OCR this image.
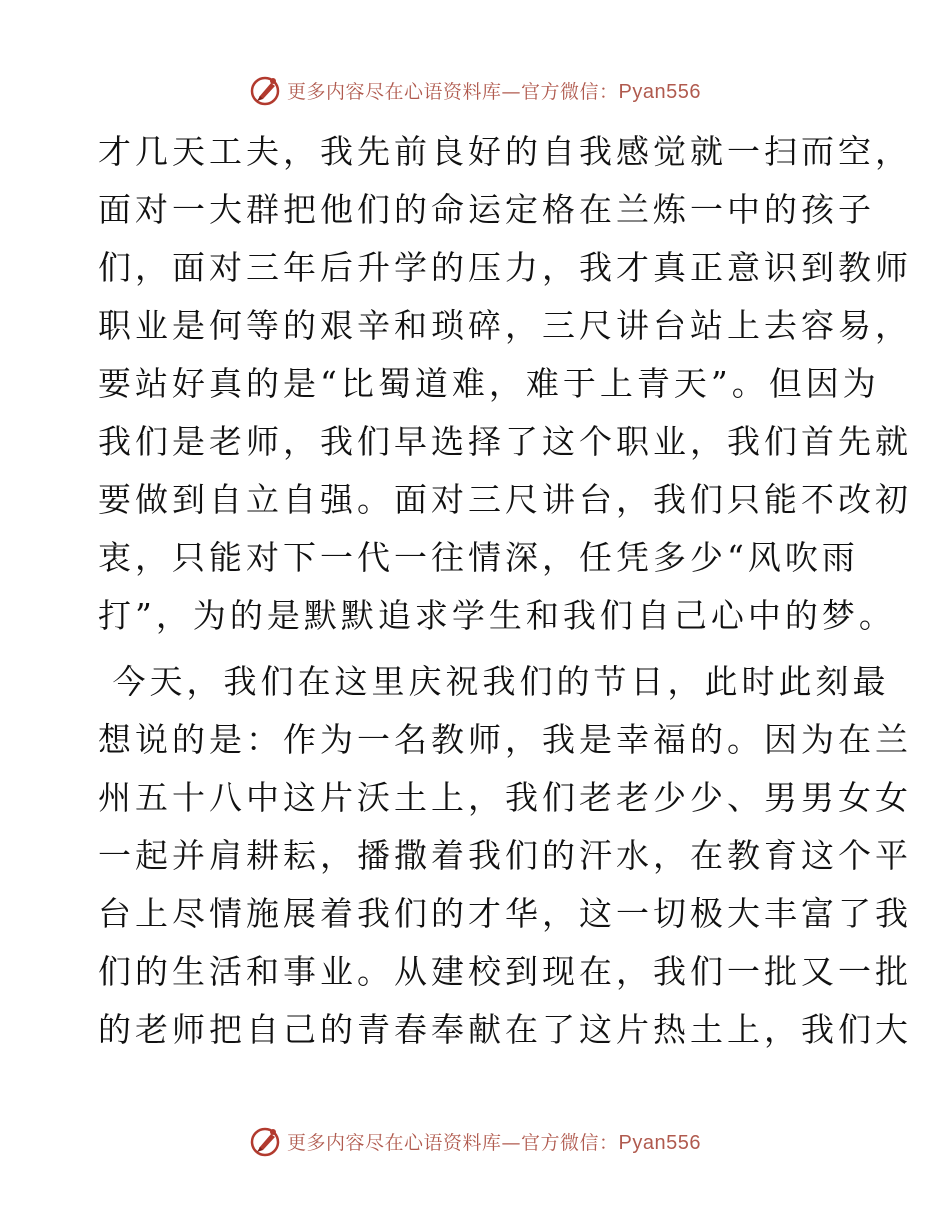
更多内容尽在心语资料库—官方微信：Pyan556
才几天工夫，我先前良好的自我感觉就一扫而空，
面对一大群把他们的命运定格在兰炼一中的孩子
们，面对三年后升学的压力，我才真正意识到教师
职业是何等的艰辛和琐碎，三尺讲台站上去容易，
要站好真的是“比蜀道难，难于上青天”。但因为
我们是老师，我们早选择了这个职业，我们首先就
要做到自立自强。面对三尺讲台，我们只能不改初
衷，只能对下一代一往情深，任凭多少“风吹雨
打”，为的是默默追求学生和我们自己心中的梦。
今天，我们在这里庆祝我们的节日，此时此刻最
想说的是：作为一名教师，我是幸福的。因为在兰
州五十八中这片沃土上，我们老老少少、男男女女
一起并肩耕耘，播撒着我们的汗水，在教育这个平
台上尽情施展着我们的才华，这一切极大丰富了我
们的生活和事业。从建校到现在，我们一批又一批
的老师把自己的青春奉献在了这片热土上，我们大
更多内容尽在心语资料库—官方微信：Pyan556
